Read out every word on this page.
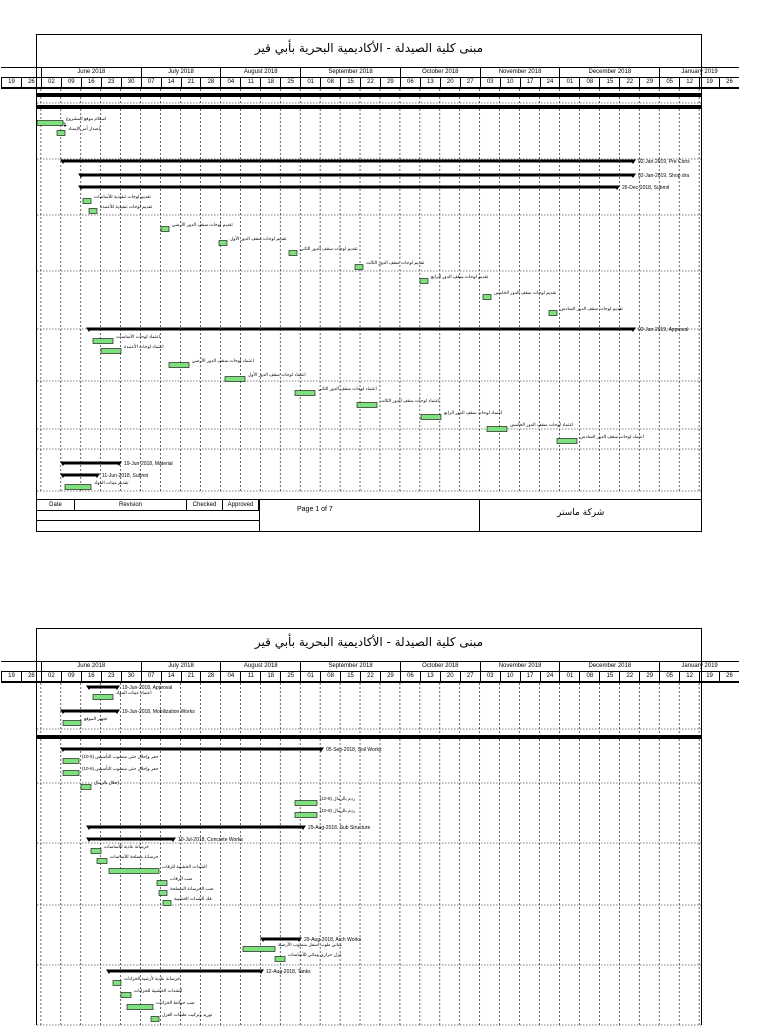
مبنى كلية الصيدلة - الأكاديمية البحرية بأبي قير
June 2018	July 2018	August 2018	September 2018	October 2018	November 2018	December 2018	January 2019
19	26	02	09	16	23	30	07	14	21	28	04	11	18	25	01	08	15	22	29	06	13	20	27	03	10	17	24	01	08	15	22	29	05	12	19	26
استلام موقع المشروع
إصدار أمر الإسناد
02-Jan-2019, Pre Cons
02-Jan-2019, Shop dra
26-Dec-2018, Submit
تقديم لوحات تنفيذية للأساسات
تقديم لوحات تنفيذية للأعمدة
تقديم لوحات سقف الدور الأرضي
تقديم لوحات سقف الدور الأول
تقديم لوحات سقف الدور الثاني
تقديم لوحات سقف الدور الثالث
تقديم لوحات سقف الدور الرابع
تقديم لوحات سقف الدور الخامس
تقديم لوحات سقف الدور السادس
02-Jan-2019, Approval
اعتماد لوحات الأساسات
اعتماد لوحات الأعمدة
اعتماد لوحات سقف الدور الأرضي
اعتماد لوحات سقف الدور الأول
اعتماد لوحات سقف الدور الثاني
اعتماد لوحات سقف الدور الثالث
اعتماد لوحات سقف الدور الرابع
اعتماد لوحات سقف الدور الخامس
اعتماد لوحات سقف الدور السادس
19-Jun-2018, Material
11-Jun-2018, Submit
تقديم عينات المواد
Date	Revision	Checked	Approved
Page 1 of 7	شركة ماستر
مبنى كلية الصيدلة - الأكاديمية البحرية بأبي قير
June 2018	July 2018	August 2018	September 2018	October 2018	November 2018	December 2018	January 2019
19	26	02	09	16	23	30	07	14	21	28	04	11	18	25	01	08	15	22	29	06	13	20	27	03	10	17	24	01	08	15	22	29	05	12	19	26
19-Jun-2018, Approval
اعتماد عينات المواد
19-Jun-2018, Mobilization Works
تجهيز الموقع
05-Sep-2018, Soil Works
حفر وإحلال حتى منسوب التأسيس (5-10)
حفر وإحلال حتى منسوب التأسيس (6-10)
إحلال بالرمال
ردم بالرمال (8-10)
ردم بالرمال (9-10)
29-Aug-2018, Sub Structure
10-Jul-2018, Concrete Works
خرسانة عادية للأساسات
خرسانة مسلحة للأساسات
الشدات الخشبية للرقاب
صب الرقاب
صب الخرسانة المسلحة
فك الشدات الخشبية
29-Aug-2018, Arch Works
مباني طوب أسفل منسوب الأرضية
عزل حراري ومائي للأساسات
12-Aug-2018, Tanks
خرسانة عادية لأرضية الخزانات
الشدات الخشبية للخزانات
صب حوائط الخزانات
توريد وتركيب طبقات العزل
